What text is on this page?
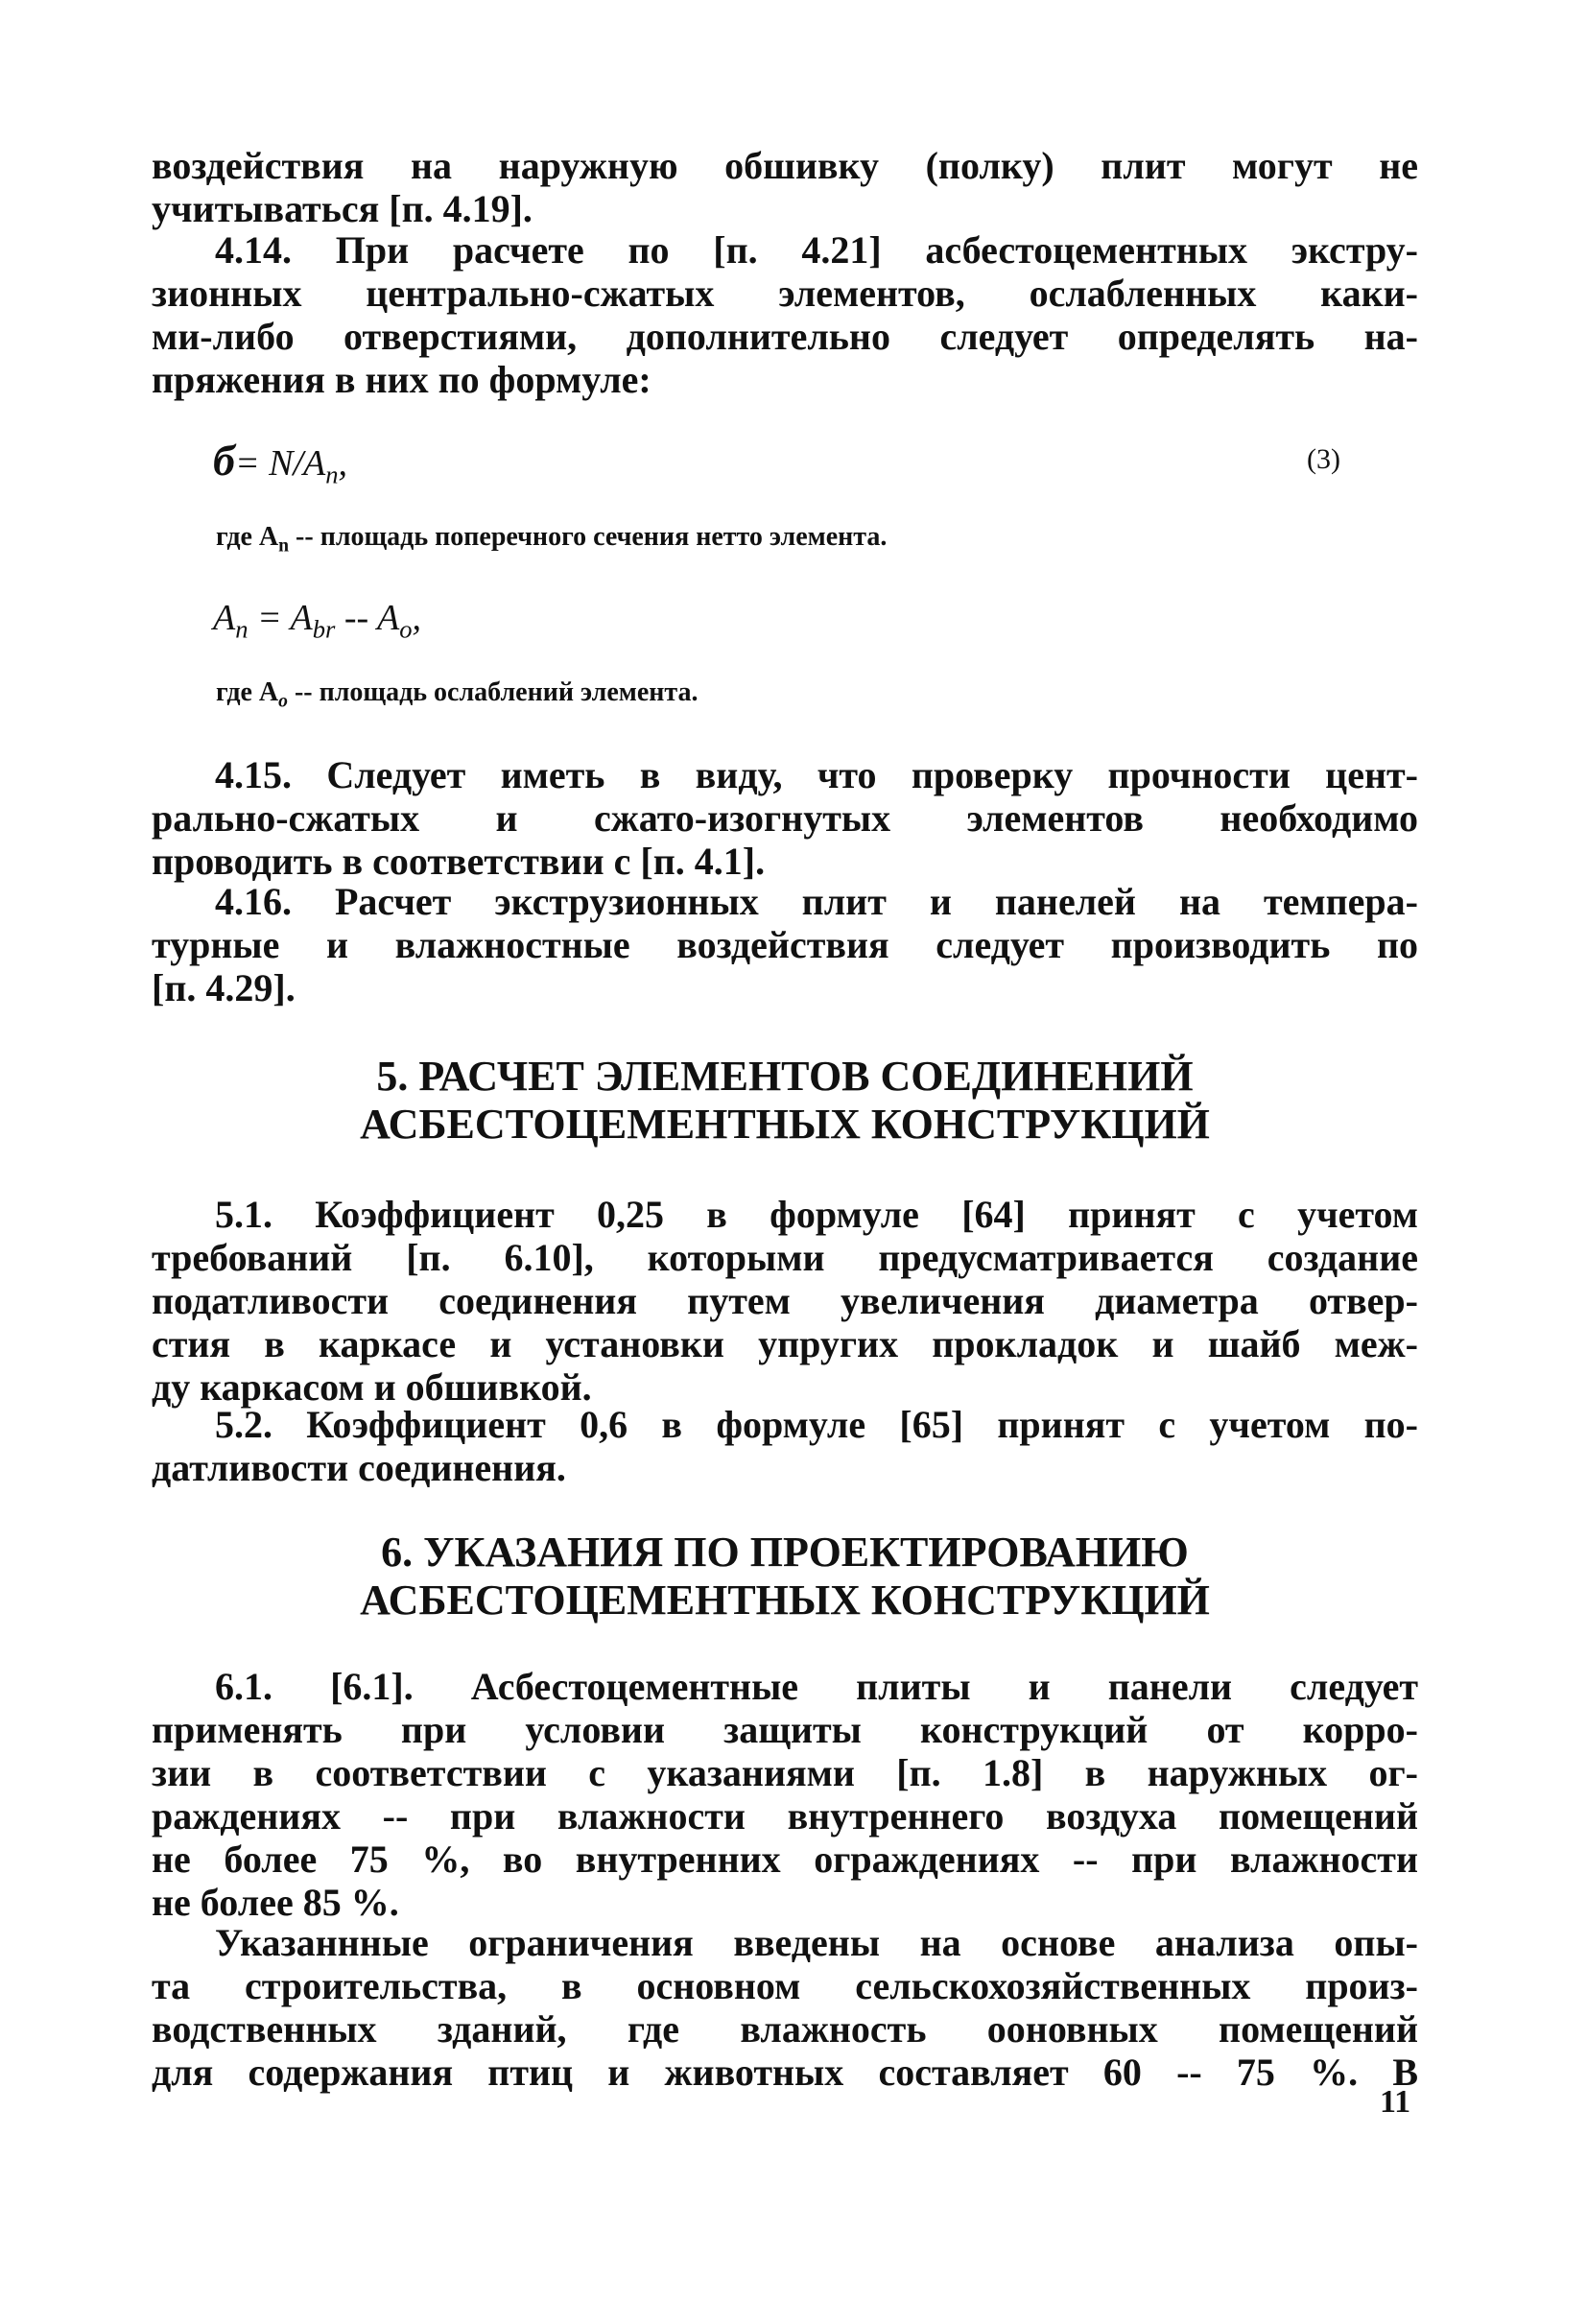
воздействия на наружную обшивку (полку) плит могут не
учитываться [п. 4.19].
4.14. При расчете по [п. 4.21] асбестоцементных экстру-
зионных центрально-сжатых элементов, ослабленных каки-
ми-либо отверстиями, дополнительно следует определять на-
пряжения в них по формуле:
$б= N/A_n$,	(3)
где $A_n$ -- площадь поперечного сечения нетто элемента.
$A_n = A_{br} -- A_o$,
где $A_o$ -- площадь ослаблений элемента.
4.15. Следует иметь в виду, что проверку прочности цент-
рально-сжатых и сжато-изогнутых элементов необходимо
проводить в соответствии с [п. 4.1].
4.16. Расчет экструзионных плит и панелей на темпера-
турные и влажностные воздействия следует производить по
[п. 4.29].
5. РАСЧЕТ ЭЛЕМЕНТОВ СОЕДИНЕНИЙ
АСБЕСТОЦЕМЕНТНЫХ КОНСТРУКЦИЙ
5.1. Коэффициент 0,25 в формуле [64] принят с учетом
требований [п. 6.10], которыми предусматривается создание
податливости соединения путем увеличения диаметра отвер-
стия в каркасе и установки упругих прокладок и шайб меж-
ду каркасом и обшивкой.
5.2. Коэффициент 0,6 в формуле [65] принят с учетом по-
датливости соединения.
6. УКАЗАНИЯ ПО ПРОЕКТИРОВАНИЮ
АСБЕСТОЦЕМЕНТНЫХ КОНСТРУКЦИЙ
6.1. [6.1]. Асбестоцементные плиты и панели следует
применять при условии защиты конструкций от корро-
зии в соответствии с указаниями [п. 1.8] в наружных ог-
раждениях -- при влажности внутреннего воздуха помещений
не более 75 %, во внутренних ограждениях -- при влажности
не более 85 %.
Указаннные ограничения введены на основе анализа опы-
та строительства, в основном сельскохозяйственных произ-
водственных зданий, где влажность ооновных помещений
для содержания птиц и животных составляет 60 -- 75 %. В
11
